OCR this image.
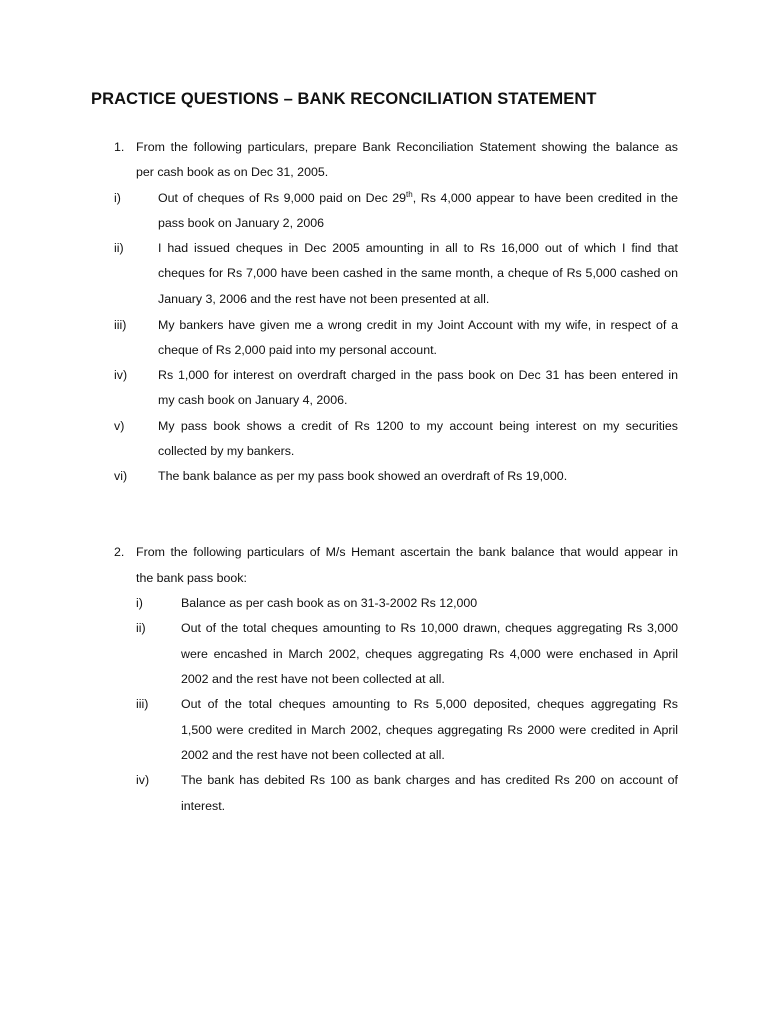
PRACTICE QUESTIONS – BANK RECONCILIATION STATEMENT
1. From the following particulars, prepare Bank Reconciliation Statement showing the balance as
per cash book as on Dec 31, 2005.
i)	Out of cheques of Rs 9,000 paid on Dec 29th, Rs 4,000 appear to have been credited in the
pass book on January 2, 2006
ii)	I had issued cheques in Dec 2005 amounting in all to Rs 16,000 out of which I find that
cheques for Rs 7,000 have been cashed in the same month, a cheque of Rs 5,000 cashed on
January 3, 2006 and the rest have not been presented at all.
iii)	My bankers have given me a wrong credit in my Joint Account with my wife, in respect of a
cheque of Rs 2,000 paid into my personal account.
iv) Rs 1,000 for interest on overdraft charged in the pass book on Dec 31 has been entered in
my cash book on January 4, 2006.
v)	My pass book shows a credit of Rs 1200 to my account being interest on my securities
collected by my bankers.
vi) The bank balance as per my pass book showed an overdraft of Rs 19,000.
2. From the following particulars of M/s Hemant ascertain the bank balance that would appear in
the bank pass book:
i)	Balance as per cash book as on 31-3-2002 Rs 12,000
ii)	Out of the total cheques amounting to Rs 10,000 drawn, cheques aggregating Rs 3,000
were encashed in March 2002, cheques aggregating Rs 4,000 were enchased in April
2002 and the rest have not been collected at all.
iii)	Out of the total cheques amounting to Rs 5,000 deposited, cheques aggregating Rs
1,500 were credited in March 2002, cheques aggregating Rs 2000 were credited in April
2002 and the rest have not been collected at all.
iv)	The bank has debited Rs 100 as bank charges and has credited Rs 200 on account of
interest.
